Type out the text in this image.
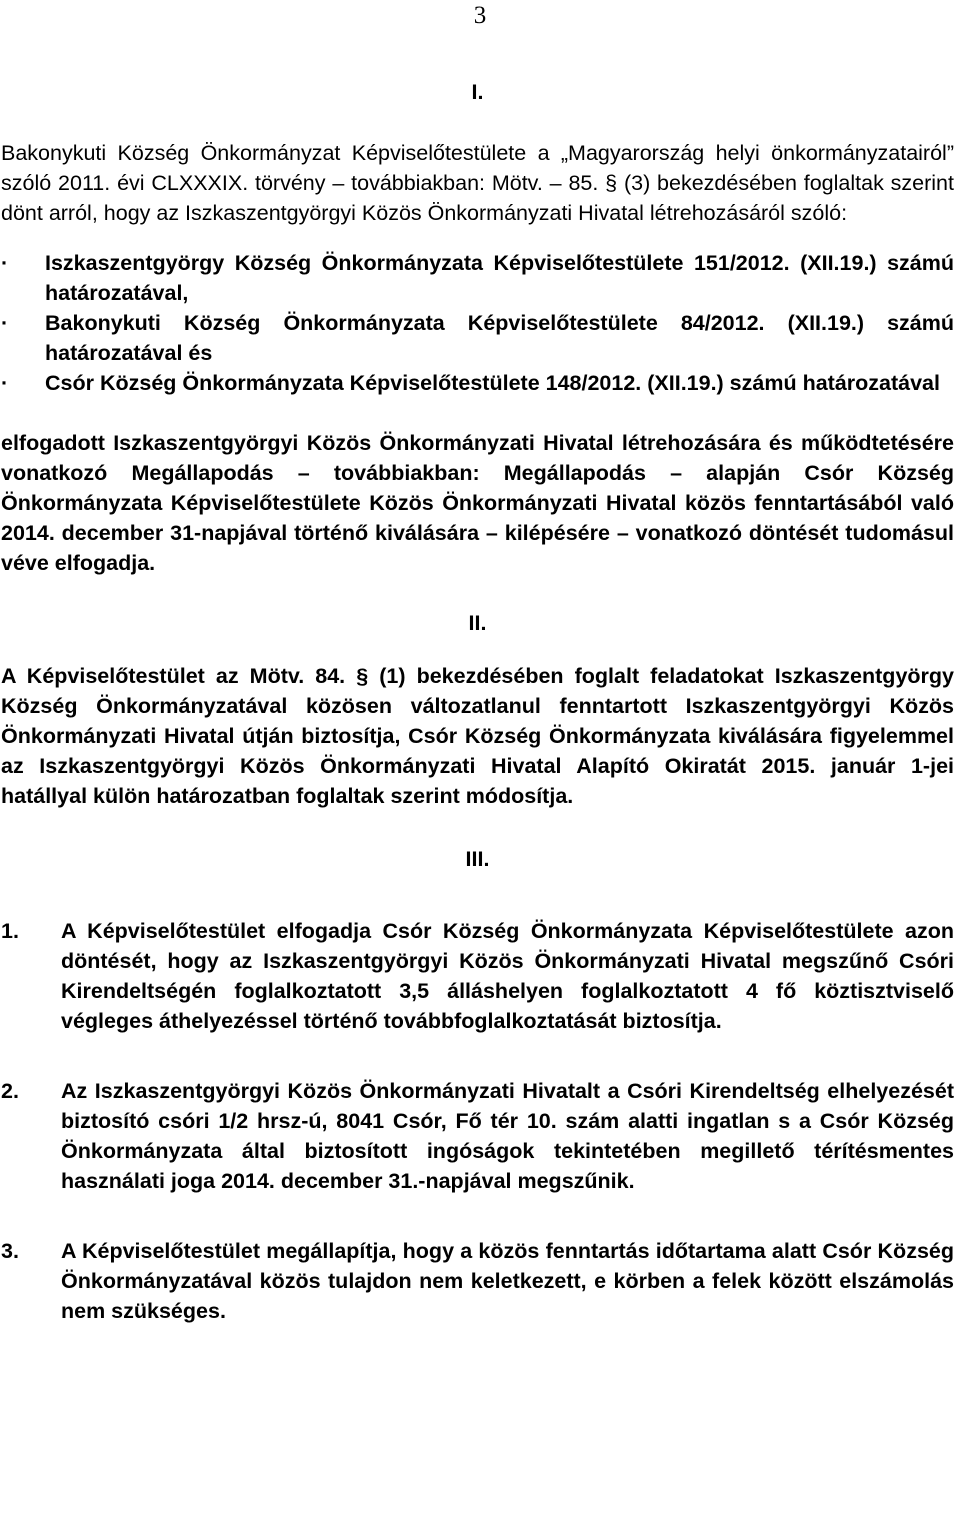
3

I.

Bakonykuti Község Önkormányzat Képviselőtestülete a „Magyarország helyi önkormányzatairól” szóló 2011. évi CLXXXIX. törvény – továbbiakban: Mötv. – 85. § (3) bekezdésében foglaltak szerint dönt arról, hogy az Iszkaszentgyörgyi Közös Önkormányzati Hivatal létrehozásáról szóló:

· Iszkaszentgyörgy Község Önkormányzata Képviselőtestülete 151/2012. (XII.19.) számú határozatával,
· Bakonykuti Község Önkormányzata Képviselőtestülete 84/2012. (XII.19.) számú határozatával és
· Csór Község Önkormányzata Képviselőtestülete 148/2012. (XII.19.) számú határozatával

elfogadott Iszkaszentgyörgyi Közös Önkormányzati Hivatal létrehozására és működtetésére vonatkozó Megállapodás – továbbiakban: Megállapodás – alapján Csór Község Önkormányzata Képviselőtestülete Közös Önkormányzati Hivatal közös fenntartásából való 2014. december 31-napjával történő kiválására – kilépésére – vonatkozó döntését tudomásul véve elfogadja.

II.

A Képviselőtestület az Mötv. 84. § (1) bekezdésében foglalt feladatokat Iszkaszentgyörgy Község Önkormányzatával közösen változatlanul fenntartott Iszkaszentgyörgyi Közös Önkormányzati Hivatal útján biztosítja, Csór Község Önkormányzata kiválására figyelemmel az Iszkaszentgyörgyi Közös Önkormányzati Hivatal Alapító Okiratát 2015. január 1-jei hatállyal külön határozatban foglaltak szerint módosítja.

III.

1. A Képviselőtestület elfogadja Csór Község Önkormányzata Képviselőtestülete azon döntését, hogy az Iszkaszentgyörgyi Közös Önkormányzati Hivatal megszűnő Csóri Kirendeltségén foglalkoztatott 3,5 álláshelyen foglalkoztatott 4 fő köztisztviselő végleges áthelyezéssel történő továbbfoglalkoztatását biztosítja.
2. Az Iszkaszentgyörgyi Közös Önkormányzati Hivatalt a Csóri Kirendeltség elhelyezését biztosító csóri 1/2 hrsz-ú, 8041 Csór, Fő tér 10. szám alatti ingatlan s a Csór Község Önkormányzata által biztosított ingóságok tekintetében megillető térítésmentes használati joga 2014. december 31.-napjával megszűnik.
3. A Képviselőtestület megállapítja, hogy a közös fenntartás időtartama alatt Csór Község Önkormányzatával közös tulajdon nem keletkezett, e körben a felek között elszámolás nem szükséges.
